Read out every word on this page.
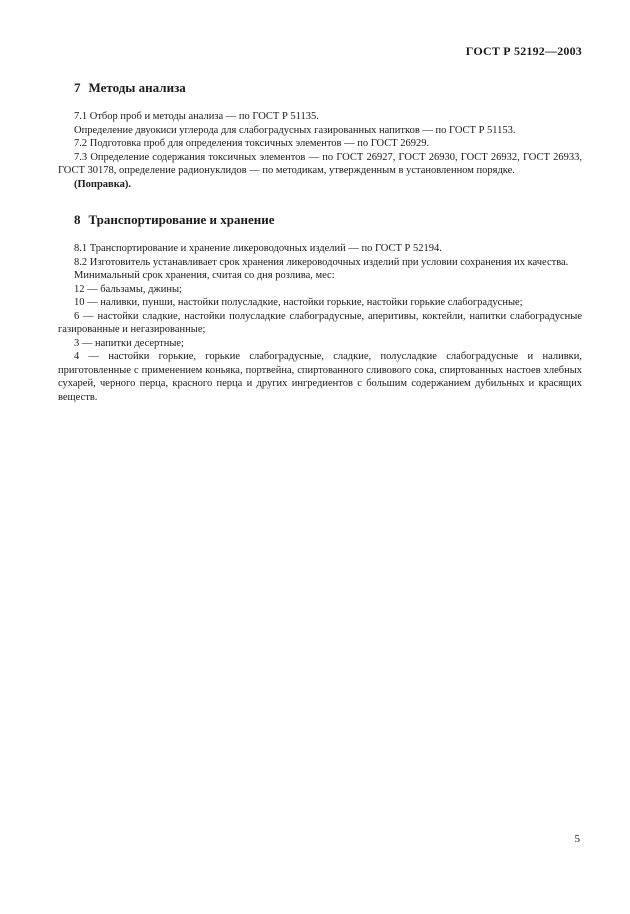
ГОСТ Р 52192—2003
7 Методы анализа

7.1 Отбор проб и методы анализа — по ГОСТ Р 51135.

Определение двуокиси углерода для слабоградусных газированных напитков — по ГОСТ Р 51153.

7.2 Подготовка проб для определения токсичных элементов — по ГОСТ 26929.

7.3 Определение содержания токсичных элементов — по ГОСТ 26927, ГОСТ 26930, ГОСТ 26932, ГОСТ 26933, ГОСТ 30178, определение радионуклидов — по методикам, утвержденным в установленном порядке.

(Поправка).

8 Транспортирование и хранение

8.1 Транспортирование и хранение ликероводочных изделий — по ГОСТ Р 52194.

8.2 Изготовитель устанавливает срок хранения ликероводочных изделий при условии сохранения их качества.

Минимальный срок хранения, считая со дня розлива, мес:

12 — бальзамы, джины;

10 — наливки, пунши, настойки полусладкие, настойки горькие, настойки горькие слабоградусные;

6 — настойки сладкие, настойки полусладкие слабоградусные, аперитивы, коктейли, напитки слабоградусные газированные и негазированные;

3 — напитки десертные;

4 — настойки горькие, горькие слабоградусные, сладкие, полусладкие слабоградусные и наливки, приготовленные с применением коньяка, портвейна, спиртованного сливового сока, спиртованных настоев хлебных сухарей, черного перца, красного перца и других ингредиентов с большим содержанием дубильных и красящих веществ.

5
